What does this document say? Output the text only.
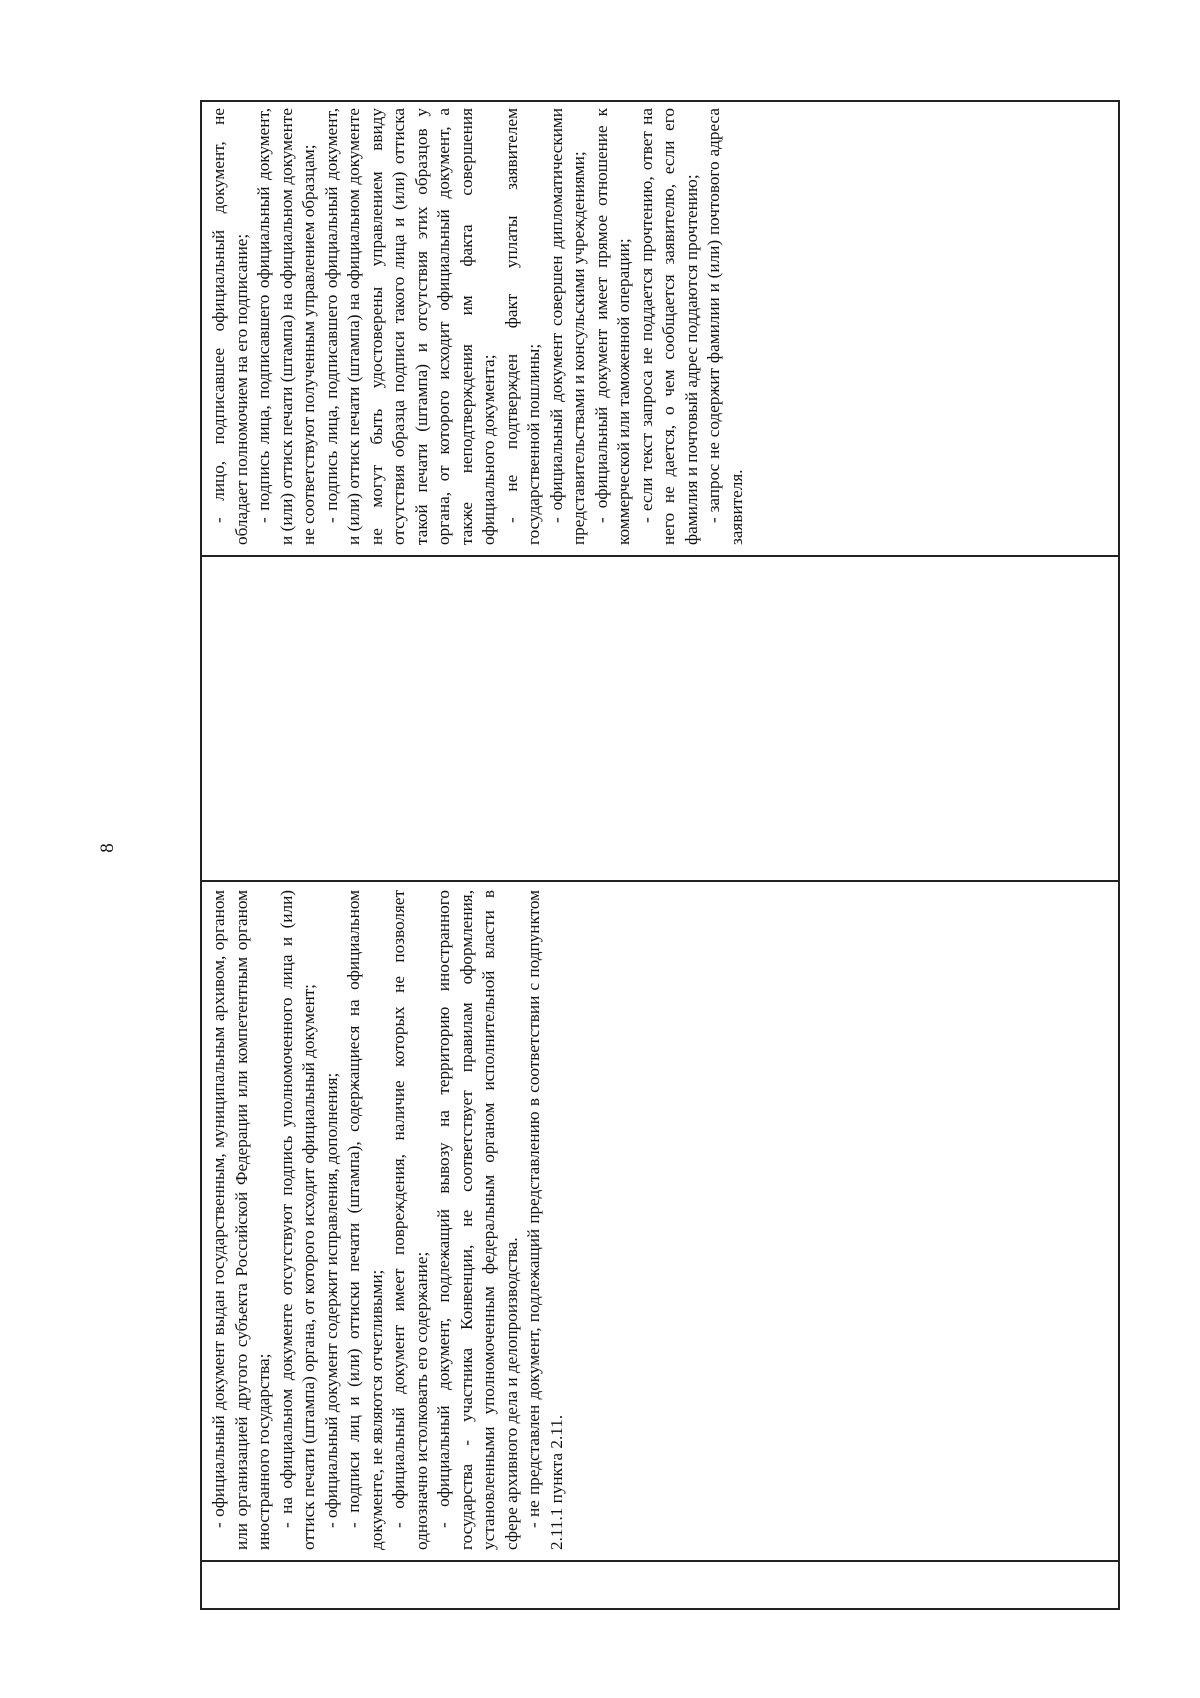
8

- официальный документ выдан государственным, муниципальным архивом, органом или организацией другого субъекта Российской Федерации или компетентным органом иностранного государства; - на официальном документе отсутствуют подпись уполномоченного лица и (или) оттиск печати (штампа) органа, от которого исходит официальный документ; - официальный документ содержит исправления, дополнения; - подписи лиц и (или) оттиски печати (штампа), содержащиеся на официальном документе, не являются отчетливыми; - официальный документ имеет повреждения, наличие которых не позволяет однозначно истолковать его содержание; - официальный документ, подлежащий вывозу на территорию иностранного государства - участника Конвенции, не соответствует правилам оформления, установленными уполномоченным федеральным органом исполнительной власти в сфере архивного дела и делопроизводства. - не представлен документ, подлежащий представлению в соответствии с подпунктом 2.11.1 пункта 2.11.

- лицо, подписавшее официальный документ, не обладает полномочием на его подписание; - подпись лица, подписавшего официальный документ, и (или) оттиск печати (штампа) на официальном документе не соответствуют полученным управлением образцам; - подпись лица, подписавшего официальный документ, и (или) оттиск печати (штампа) на официальном документе не могут быть удостоверены управлением ввиду отсутствия образца подписи такого лица и (или) оттиска такой печати (штампа) и отсутствия этих образцов у органа, от которого исходит официальный документ, а также неподтверждения им факта совершения официального документа; - не подтвержден факт уплаты заявителем государственной пошлины; - официальный документ совершен дипломатическими представительствами и консульскими учреждениями; - официальный документ имеет прямое отношение к коммерческой или таможенной операции; - если текст запроса не поддается прочтению, ответ на него не дается, о чем сообщается заявителю, если его фамилия и почтовый адрес поддаются прочтению; - запрос не содержит фамилии и (или) почтового адреса заявителя.
